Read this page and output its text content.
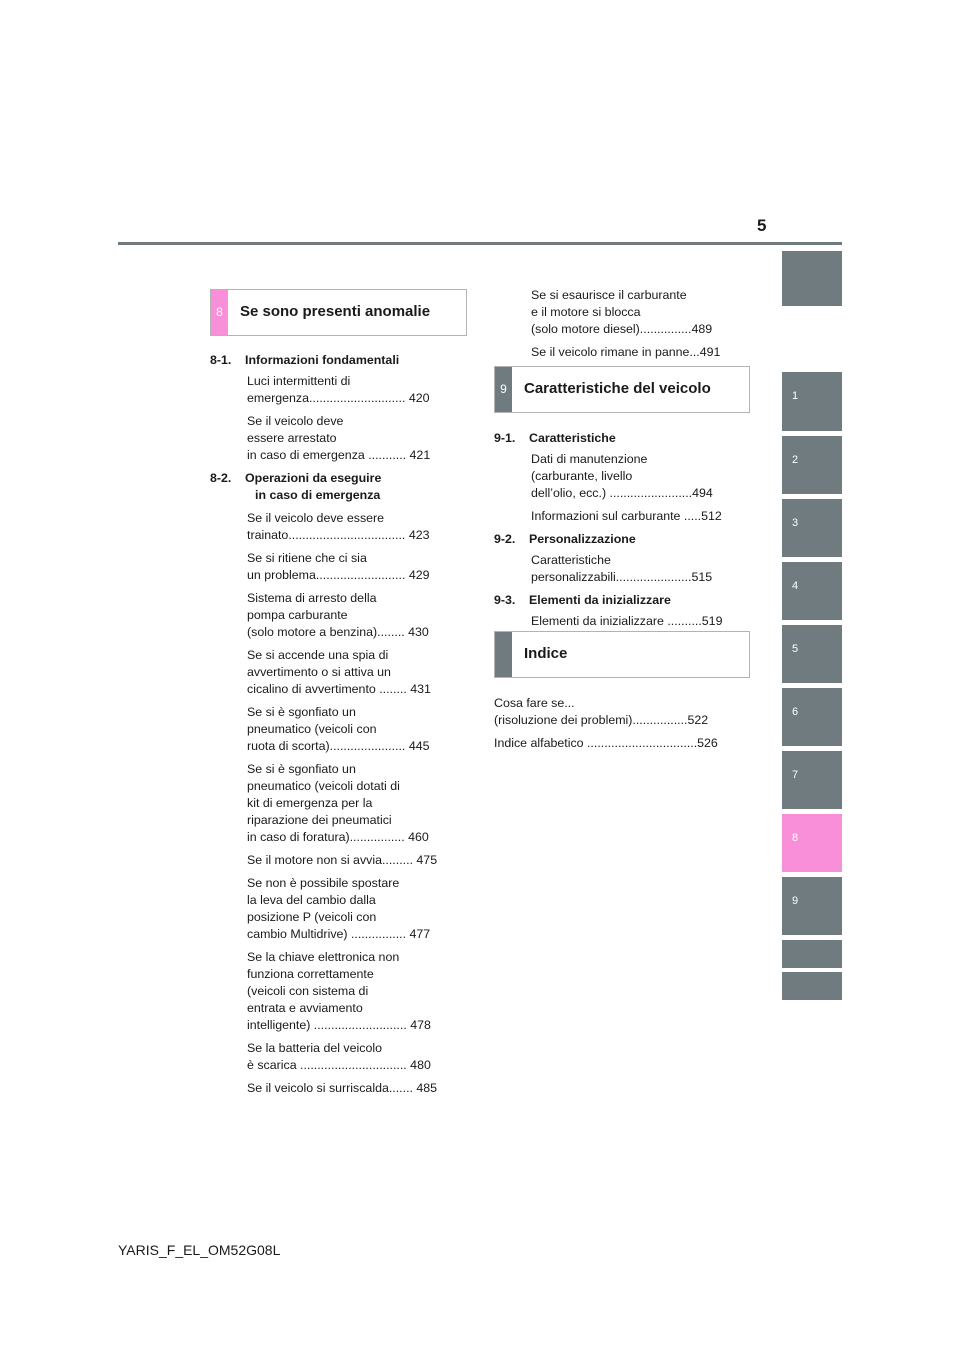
5
1
2
3
4
5
6
7
8
9
8	Se sono presenti anomalie
8-1. Informazioni fondamentali
Luci intermittenti di
emergenza............................ 420
Se il veicolo deve
essere arrestato
in caso di emergenza ........... 421
8-2. Operazioni da eseguire
in caso di emergenza
Se il veicolo deve essere
trainato.................................. 423
Se si ritiene che ci sia
un problema.......................... 429
Sistema di arresto della
pompa carburante
(solo motore a benzina)........ 430
Se si accende una spia di
avvertimento o si attiva un
cicalino di avvertimento ........ 431
Se si è sgonfiato un
pneumatico (veicoli con
ruota di scorta)...................... 445
Se si è sgonfiato un
pneumatico (veicoli dotati di
kit di emergenza per la
riparazione dei pneumatici
in caso di foratura)................ 460
Se il motore non si avvia......... 475
Se non è possibile spostare
la leva del cambio dalla
posizione P (veicoli con
cambio Multidrive) ................ 477
Se la chiave elettronica non
funziona correttamente
(veicoli con sistema di
entrata e avviamento
intelligente) ........................... 478
Se la batteria del veicolo
è scarica ............................... 480
Se il veicolo si surriscalda....... 485
Se si esaurisce il carburante
e il motore si blocca
(solo motore diesel)...............489
Se il veicolo rimane in panne...491
9	Caratteristiche del veicolo
9-1. Caratteristiche
Dati di manutenzione
(carburante, livello
dell’olio, ecc.) ........................494
Informazioni sul carburante .....512
9-2. Personalizzazione
Caratteristiche
personalizzabili......................515
9-3. Elementi da inizializzare
Elementi da inizializzare ..........519
Indice
Cosa fare se...
(risoluzione dei problemi)................522
Indice alfabetico ................................526
YARIS_F_EL_OM52G08L
